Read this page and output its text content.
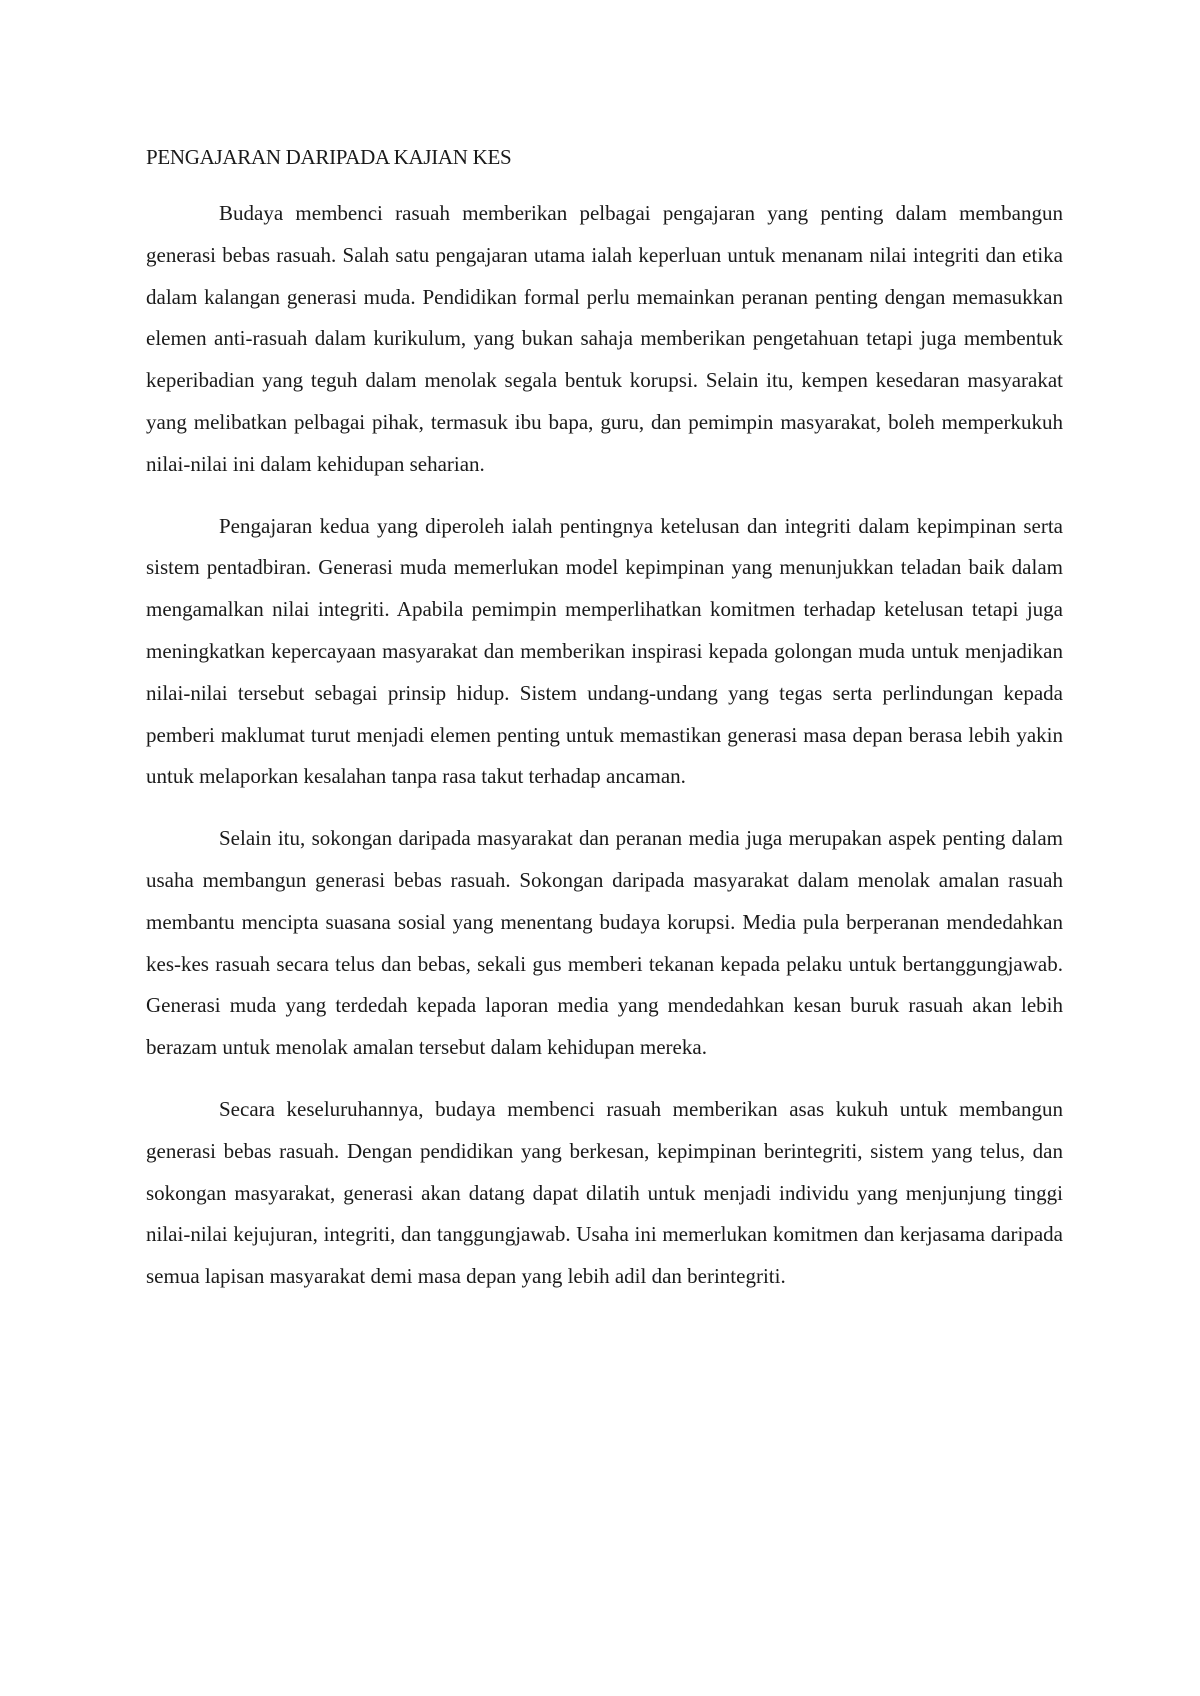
PENGAJARAN DARIPADA KAJIAN KES

Budaya membenci rasuah memberikan pelbagai pengajaran yang penting dalam membangun generasi bebas rasuah. Salah satu pengajaran utama ialah keperluan untuk menanam nilai integriti dan etika dalam kalangan generasi muda. Pendidikan formal perlu memainkan peranan penting dengan memasukkan elemen anti-rasuah dalam kurikulum, yang bukan sahaja memberikan pengetahuan tetapi juga membentuk keperibadian yang teguh dalam menolak segala bentuk korupsi. Selain itu, kempen kesedaran masyarakat yang melibatkan pelbagai pihak, termasuk ibu bapa, guru, dan pemimpin masyarakat, boleh memperkukuh nilai-nilai ini dalam kehidupan seharian.

Pengajaran kedua yang diperoleh ialah pentingnya ketelusan dan integriti dalam kepimpinan serta sistem pentadbiran. Generasi muda memerlukan model kepimpinan yang menunjukkan teladan baik dalam mengamalkan nilai integriti. Apabila pemimpin memperlihatkan komitmen terhadap ketelusan tetapi juga meningkatkan kepercayaan masyarakat dan memberikan inspirasi kepada golongan muda untuk menjadikan nilai-nilai tersebut sebagai prinsip hidup. Sistem undang-undang yang tegas serta perlindungan kepada pemberi maklumat turut menjadi elemen penting untuk memastikan generasi masa depan berasa lebih yakin untuk melaporkan kesalahan tanpa rasa takut terhadap ancaman.

Selain itu, sokongan daripada masyarakat dan peranan media juga merupakan aspek penting dalam usaha membangun generasi bebas rasuah. Sokongan daripada masyarakat dalam menolak amalan rasuah membantu mencipta suasana sosial yang menentang budaya korupsi. Media pula berperanan mendedahkan kes-kes rasuah secara telus dan bebas, sekali gus memberi tekanan kepada pelaku untuk bertanggungjawab. Generasi muda yang terdedah kepada laporan media yang mendedahkan kesan buruk rasuah akan lebih berazam untuk menolak amalan tersebut dalam kehidupan mereka.

Secara keseluruhannya, budaya membenci rasuah memberikan asas kukuh untuk membangun generasi bebas rasuah. Dengan pendidikan yang berkesan, kepimpinan berintegriti, sistem yang telus, dan sokongan masyarakat, generasi akan datang dapat dilatih untuk menjadi individu yang menjunjung tinggi nilai-nilai kejujuran, integriti, dan tanggungjawab. Usaha ini memerlukan komitmen dan kerjasama daripada semua lapisan masyarakat demi masa depan yang lebih adil dan berintegriti.
